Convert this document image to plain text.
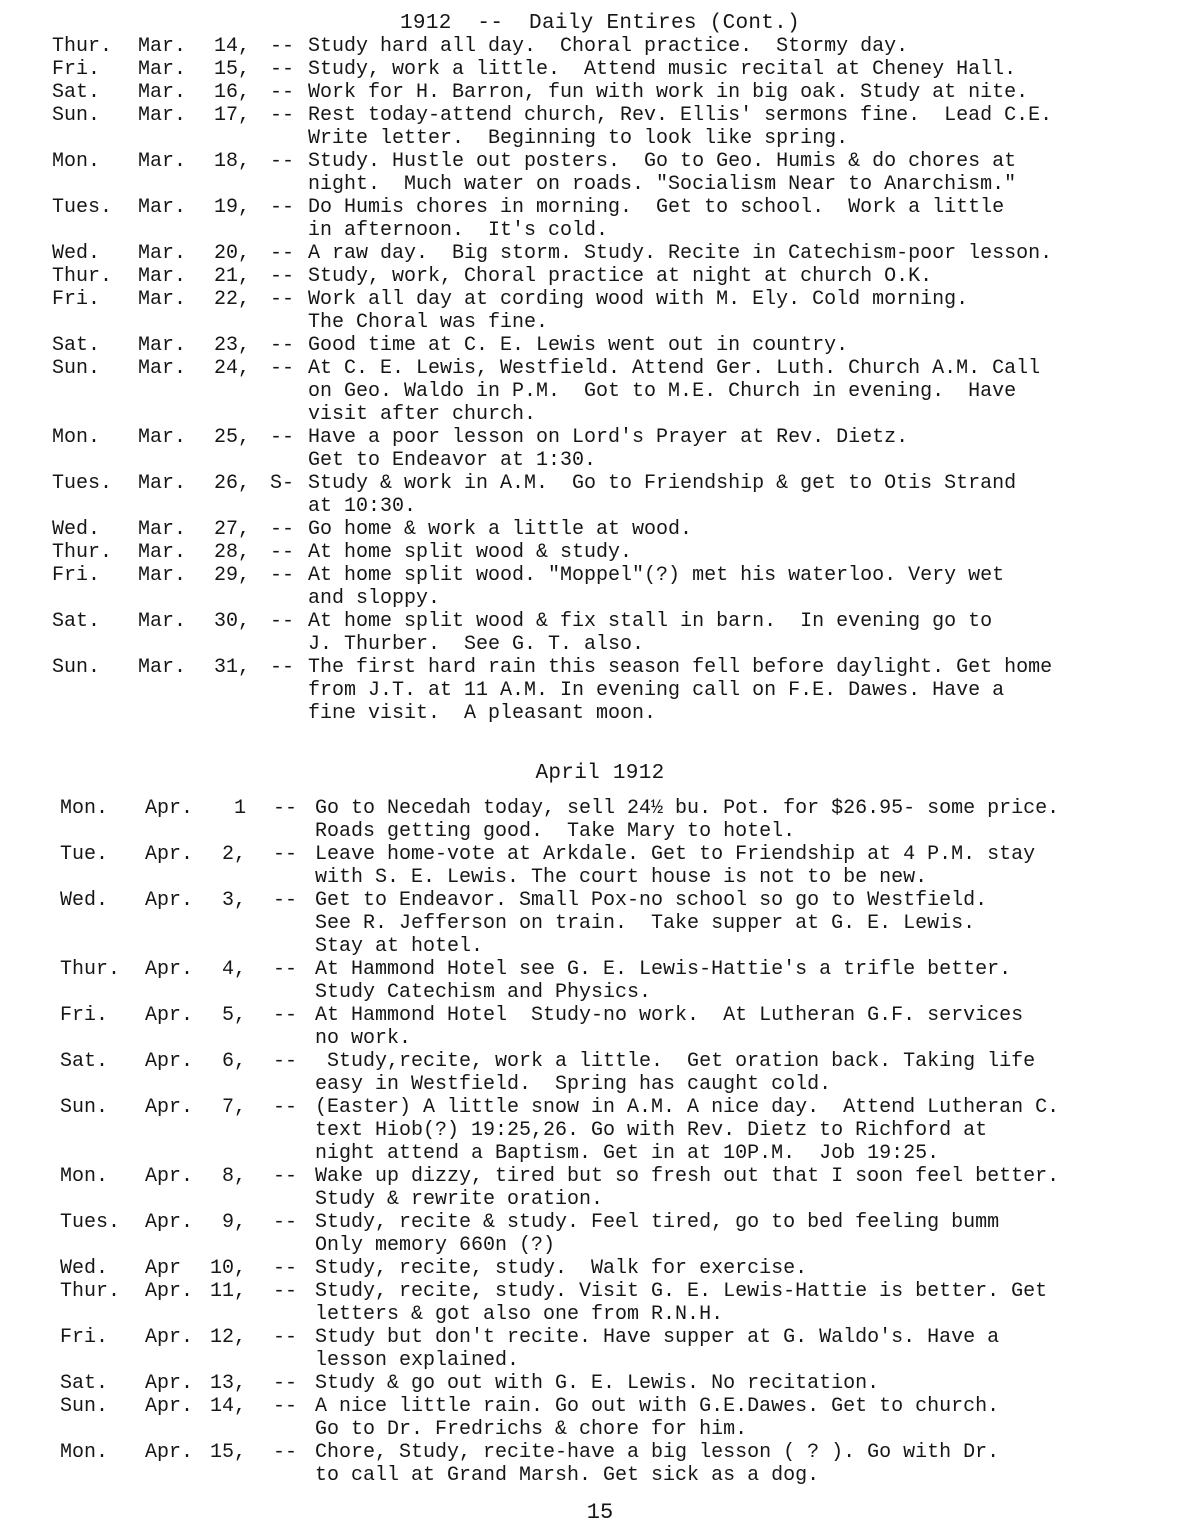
1912  --  Daily Entires (Cont.)
Thur. Mar.	14, -- Study hard all day.  Choral practice.  Stormy day.
Fri. Mar.	15, -- Study, work a little.  Attend music recital at Cheney Hall.
Sat. Mar.	16, -- Work for H. Barron, fun with work in big oak. Study at nite.
Sun. Mar.	17, -- Rest today-attend church, Rev. Ellis' sermons fine.  Lead C.E.
Write letter.  Beginning to look like spring.
Mon. Mar.	18, -- Study. Hustle out posters.  Go to Geo. Humis & do chores at
night.  Much water on roads. "Socialism Near to Anarchism."
Tues. Mar.	19, -- Do Humis chores in morning.  Get to school.  Work a little
in afternoon.  It's cold.
Wed. Mar.	20, -- A raw day.  Big storm. Study. Recite in Catechism-poor lesson.
Thur. Mar.	21, -- Study, work, Choral practice at night at church O.K.
Fri. Mar.	22, -- Work all day at cording wood with M. Ely. Cold morning.
The Choral was fine.
Sat. Mar.	23, -- Good time at C. E. Lewis went out in country.
Sun. Mar.	24, -- At C. E. Lewis, Westfield. Attend Ger. Luth. Church A.M. Call
on Geo. Waldo in P.M.  Got to M.E. Church in evening.  Have
visit after church.
Mon. Mar.	25, -- Have a poor lesson on Lord's Prayer at Rev. Dietz.
Get to Endeavor at 1:30.
Tues. Mar.	26, S- Study & work in A.M.  Go to Friendship & get to Otis Strand
at 10:30.
Wed. Mar.	27, -- Go home & work a little at wood.
Thur. Mar.	28, -- At home split wood & study.
Fri. Mar.	29, -- At home split wood. "Moppel"(?) met his waterloo. Very wet
and sloppy.
Sat. Mar.	30, -- At home split wood & fix stall in barn.  In evening go to
J. Thurber.  See G. T. also.
Sun. Mar.	31, -- The first hard rain this season fell before daylight. Get home
from J.T. at 11 A.M. In evening call on F.E. Dawes. Have a
fine visit.  A pleasant moon.
April 1912
Mon. Apr.	1 -- Go to Necedah today, sell 24½ bu. Pot. for $26.95- some price.
Roads getting good.  Take Mary to hotel.
Tue. Apr.	2, -- Leave home-vote at Arkdale. Get to Friendship at 4 P.M. stay
with S. E. Lewis. The court house is not to be new.
Wed. Apr.	3, -- Get to Endeavor. Small Pox-no school so go to Westfield.
See R. Jefferson on train.  Take supper at G. E. Lewis.
Stay at hotel.
Thur. Apr.	4, -- At Hammond Hotel see G. E. Lewis-Hattie's a trifle better.
Study Catechism and Physics.
Fri. Apr.	5, -- At Hammond Hotel  Study-no work.  At Lutheran G.F. services
no work.
Sat. Apr.	6, -- Study,recite, work a little.  Get oration back. Taking life
easy in Westfield.  Spring has caught cold.
Sun. Apr.	7, -- (Easter) A little snow in A.M. A nice day.  Attend Lutheran C.
text Hiob(?) 19:25,26. Go with Rev. Dietz to Richford at
night attend a Baptism. Get in at 10P.M.  Job 19:25.
Mon. Apr.	8, -- Wake up dizzy, tired but so fresh out that I soon feel better.
Study & rewrite oration.
Tues. Apr.	9, -- Study, recite & study. Feel tired, go to bed feeling bumm
Only memory 660n (?)
Wed. Apr	10, -- Study, recite, study.  Walk for exercise.
Thur. Apr. 11, -- Study, recite, study. Visit G. E. Lewis-Hattie is better. Get
letters & got also one from R.N.H.
Fri. Apr. 12, -- Study but don't recite. Have supper at G. Waldo's. Have a
lesson explained.
Sat. Apr. 13, -- Study & go out with G. E. Lewis. No recitation.
Sun. Apr. 14, -- A nice little rain. Go out with G.E.Dawes. Get to church.
Go to Dr. Fredrichs & chore for him.
Mon. Apr. 15, -- Chore, Study, recite-have a big lesson ( ? ). Go with Dr.
to call at Grand Marsh. Get sick as a dog.
15
